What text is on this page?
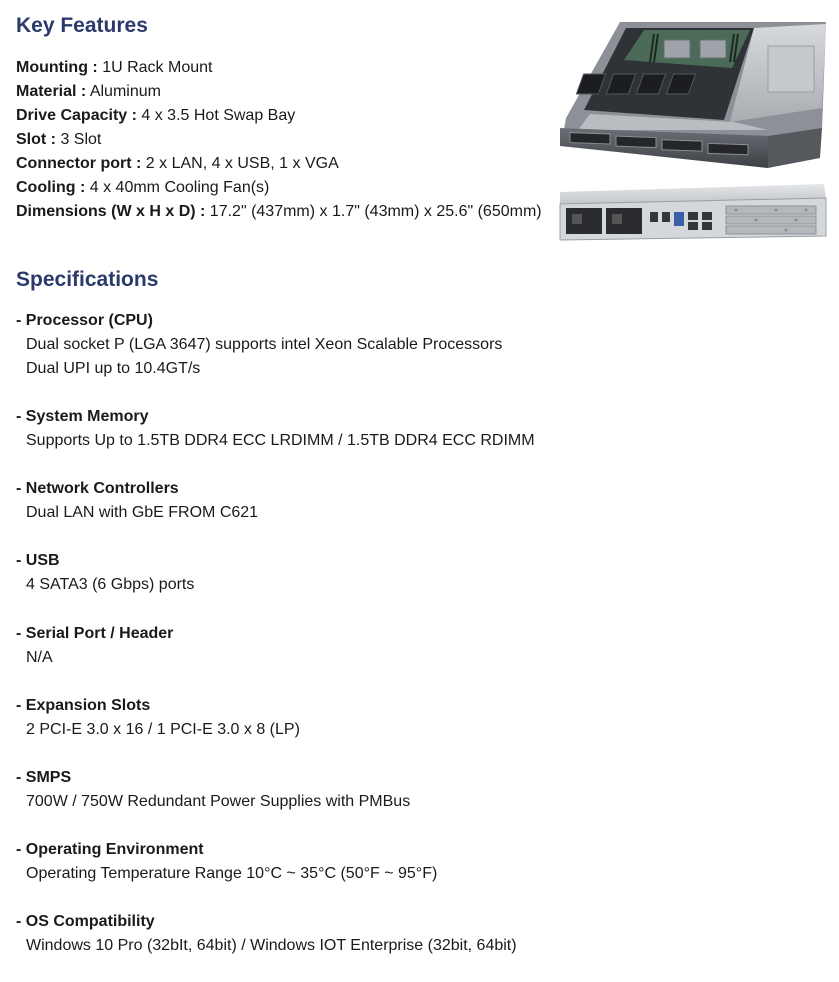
Key Features
Mounting : 1U Rack Mount
Material : Aluminum
Drive Capacity : 4 x 3.5 Hot Swap Bay
Slot : 3 Slot
Connector port : 2 x LAN, 4 x USB, 1 x VGA
Cooling : 4 x 40mm Cooling Fan(s)
Dimensions (W x H x D) : 17.2" (437mm) x 1.7" (43mm) x 25.6" (650mm)
Specifications
- Processor (CPU)
Dual socket P (LGA 3647) supports intel Xeon Scalable Processors
Dual UPI up to 10.4GT/s
- System Memory
Supports Up to 1.5TB DDR4 ECC LRDIMM / 1.5TB DDR4 ECC RDIMM
- Network Controllers
Dual LAN with GbE FROM C621
- USB
4 SATA3 (6 Gbps) ports
- Serial Port / Header
N/A
- Expansion Slots
2 PCI-E 3.0 x 16 / 1 PCI-E 3.0 x 8 (LP)
- SMPS
700W / 750W Redundant Power Supplies with PMBus
- Operating Environment
Operating Temperature Range 10°C ~ 35°C (50°F ~ 95°F)
- OS Compatibility
Windows 10 Pro (32bIt, 64bit) / Windows IOT Enterprise (32bit, 64bit)
